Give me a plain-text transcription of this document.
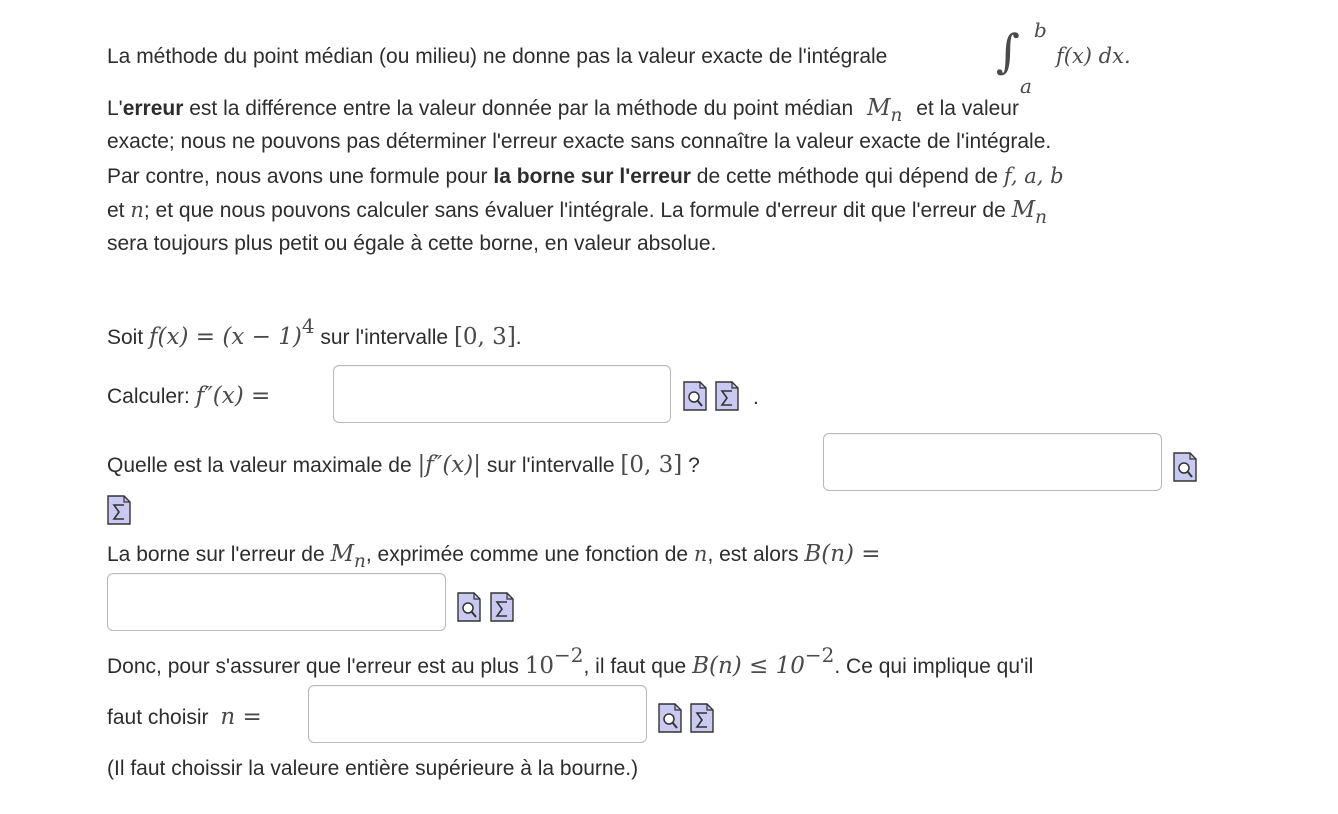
La méthode du point médian (ou milieu) ne donne pas la valeur exacte de l'intégrale ∫ b
a
f(x) dx.
L'erreur est la différence entre la valeur donnée par la méthode du point médian $M_n$ et la valeur
exacte; nous ne pouvons pas déterminer l'erreur exacte sans connaître la valeur exacte de l'intégrale.
Par contre, nous avons une formule pour la borne sur l'erreur de cette méthode qui dépend de f, a, b
et n; et que nous pouvons calculer sans évaluer l'intégrale. La formule d'erreur dit que l'erreur de $M_n$
sera toujours plus petit ou égale à cette borne, en valeur absolue.
Soit f(x) = (x − 1)4 sur l'intervalle [0, 3].
Calculer: f″(x) =	.
Quelle est la valeur maximale de |f″(x)| sur l'intervalle [0, 3] ?
La borne sur l'erreur de $M_n$, exprimée comme une fonction de n, est alors B(n) =
Donc, pour s'assurer que l'erreur est au plus 10−2, il faut que B(n) ≤ 10−2. Ce qui implique qu'il
faut choisir n =
(Il faut choissir la valeure entière supérieure à la bourne.)
